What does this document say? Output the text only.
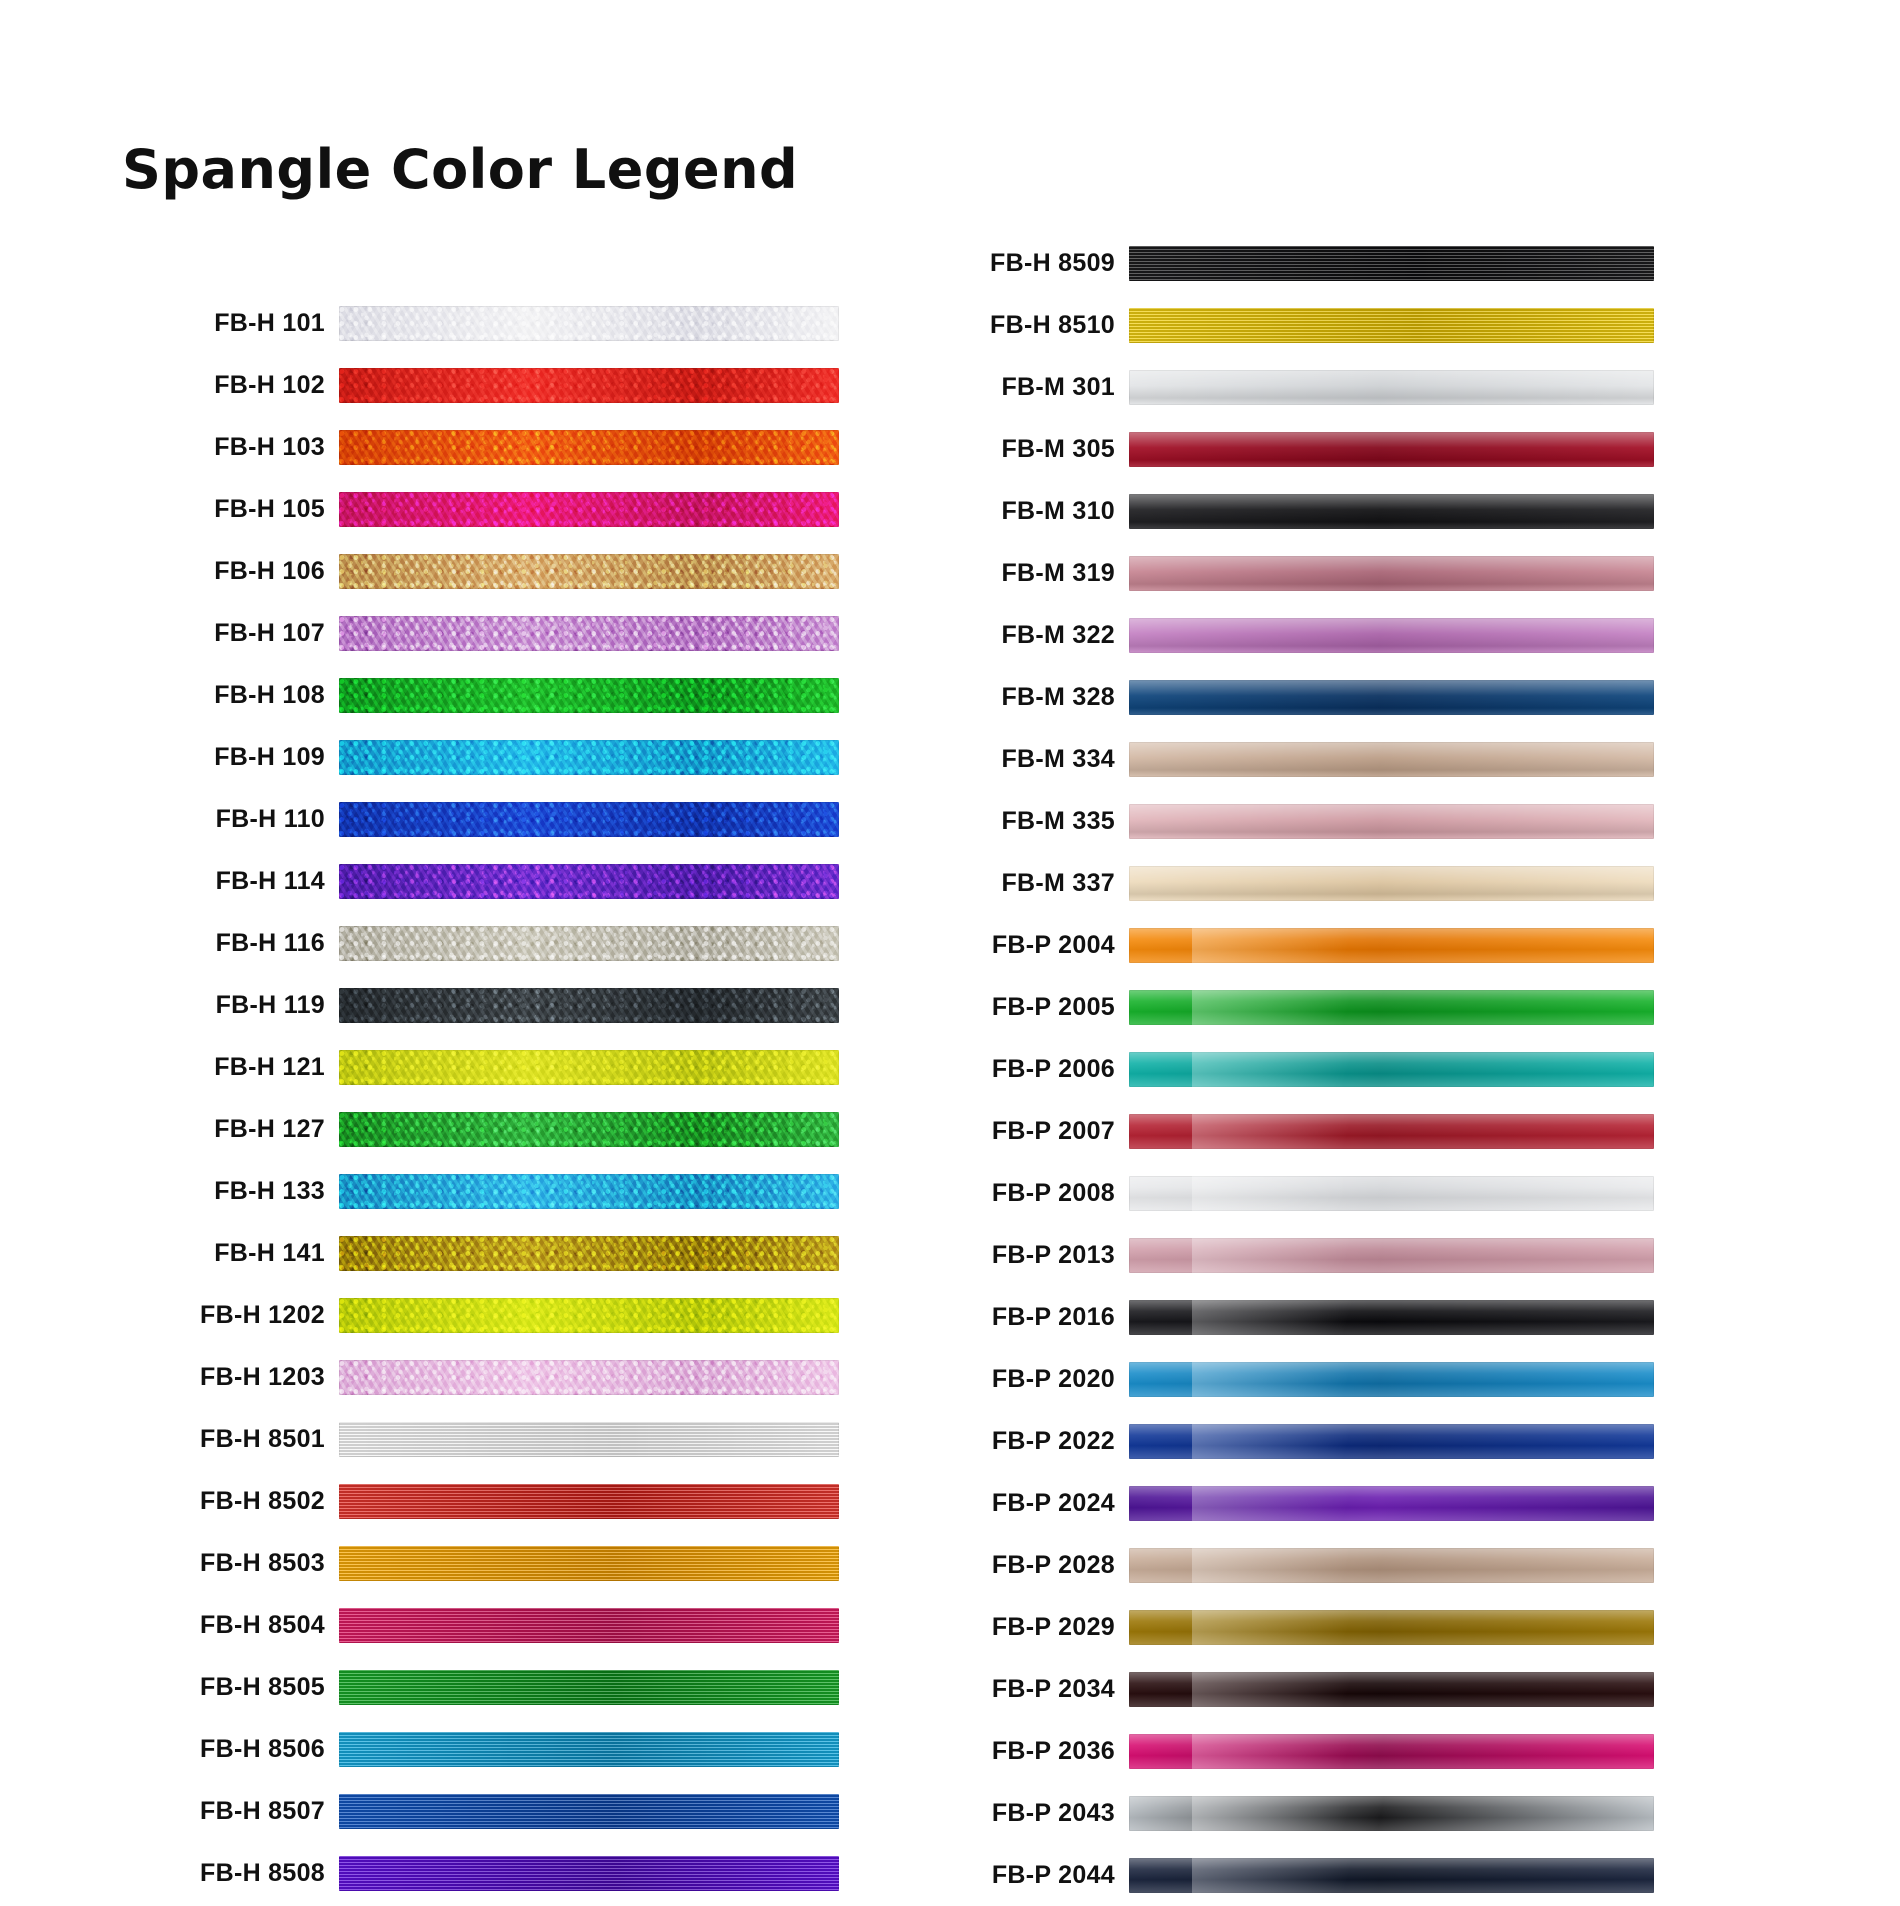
Spangle Color Legend
FB-H 101
FB-H 102
FB-H 103
FB-H 105
FB-H 106
FB-H 107
FB-H 108
FB-H 109
FB-H 110
FB-H 114
FB-H 116
FB-H 119
FB-H 121
FB-H 127
FB-H 133
FB-H 141
FB-H 1202
FB-H 1203
FB-H 8501
FB-H 8502
FB-H 8503
FB-H 8504
FB-H 8505
FB-H 8506
FB-H 8507
FB-H 8508
FB-H 8509
FB-H 8510
FB-M 301
FB-M 305
FB-M 310
FB-M 319
FB-M 322
FB-M 328
FB-M 334
FB-M 335
FB-M 337
FB-P 2004
FB-P 2005
FB-P 2006
FB-P 2007
FB-P 2008
FB-P 2013
FB-P 2016
FB-P 2020
FB-P 2022
FB-P 2024
FB-P 2028
FB-P 2029
FB-P 2034
FB-P 2036
FB-P 2043
FB-P 2044
